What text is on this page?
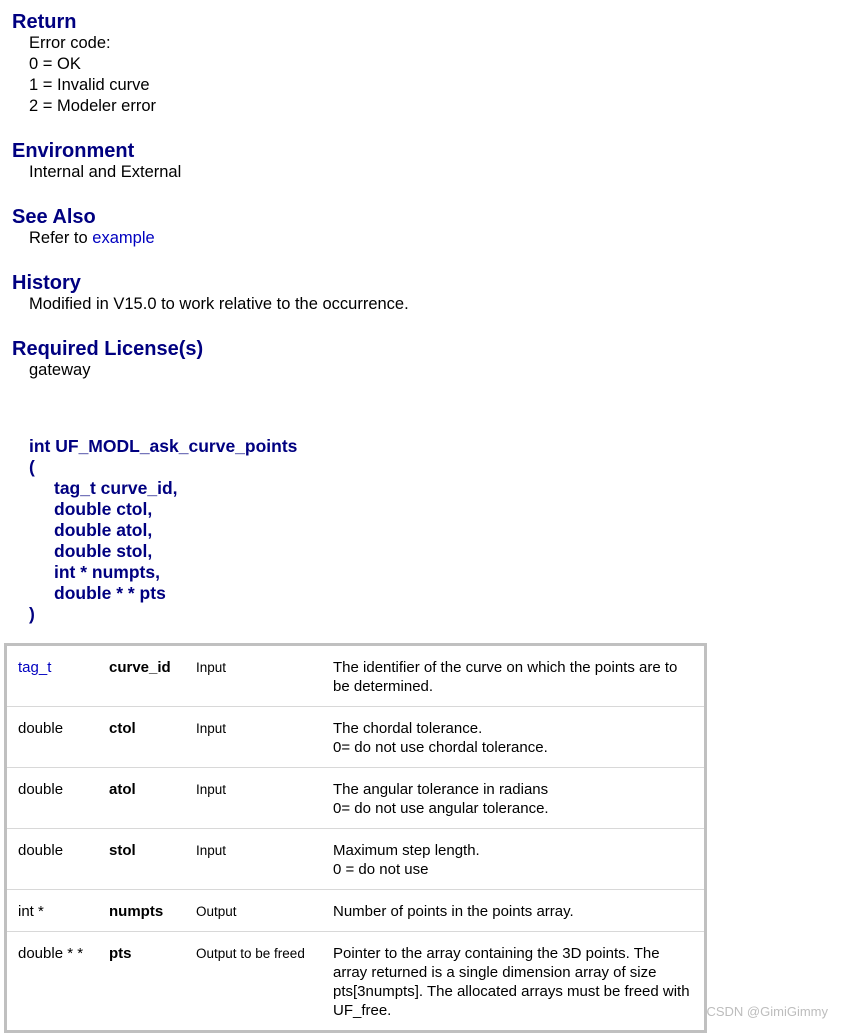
Return
Error code:
0 = OK
1 = Invalid curve
2 = Modeler error
Environment
Internal and External
See Also
Refer to example
History
Modified in V15.0 to work relative to the occurrence.
Required License(s)
gateway
int UF_MODL_ask_curve_points
(
tag_t curve_id,
double ctol,
double atol,
double stol,
int * numpts,
double * * pts
)
tag_t	curve_id	Input	The identifier of the curve on which the points are to be determined.
double	ctol	Input	The chordal tolerance.
0= do not use chordal tolerance.
double	atol	Input	The angular tolerance in radians
0= do not use angular tolerance.
double	stol	Input	Maximum step length.
0 = do not use
int *	numpts	Output	Number of points in the points array.
double * *	pts	Output to be freed	Pointer to the array containing the 3D points. The array returned is a single dimension array of size pts[3numpts]. The allocated arrays must be freed with UF_free.	CSDN @GimiGimmy
